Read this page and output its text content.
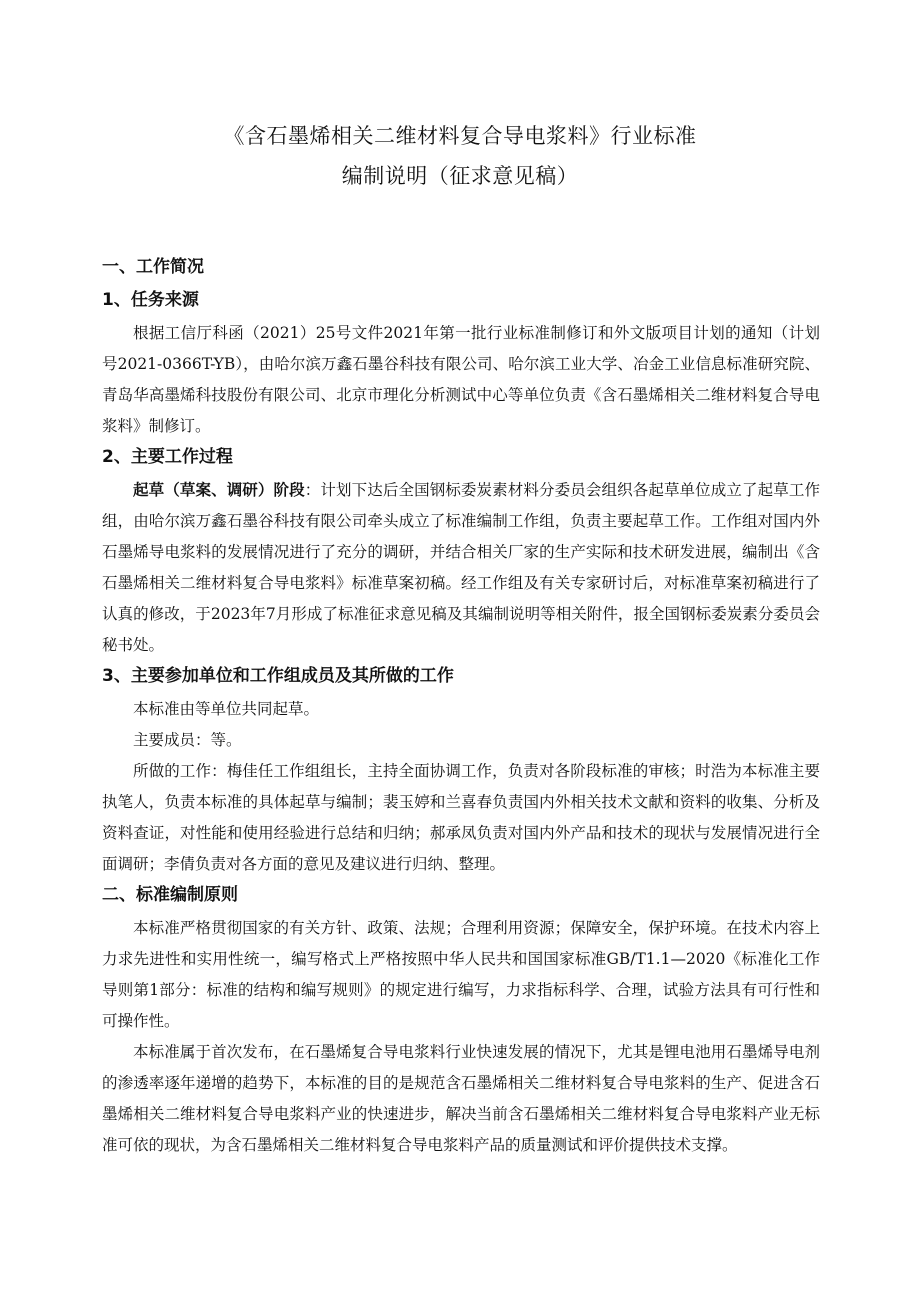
《含石墨烯相关二维材料复合导电浆料》行业标准
编制说明（征求意见稿）
一、工作简况
1、任务来源

根据工信厅科函（2021）25号文件2021年第一批行业标准制修订和外文版项目计划的通知（计划号2021-0366T-YB），由哈尔滨万鑫石墨谷科技有限公司、哈尔滨工业大学、冶金工业信息标准研究院、青岛华高墨烯科技股份有限公司、北京市理化分析测试中心等单位负责《含石墨烯相关二维材料复合导电浆料》制修订。

2、主要工作过程

起草（草案、调研）阶段：计划下达后全国钢标委炭素材料分委员会组织各起草单位成立了起草工作组，由哈尔滨万鑫石墨谷科技有限公司牵头成立了标准编制工作组，负责主要起草工作。工作组对国内外石墨烯导电浆料的发展情况进行了充分的调研，并结合相关厂家的生产实际和技术研发进展，编制出《含石墨烯相关二维材料复合导电浆料》标准草案初稿。经工作组及有关专家研讨后，对标准草案初稿进行了认真的修改，于2023年7月形成了标准征求意见稿及其编制说明等相关附件，报全国钢标委炭素分委员会秘书处。

3、主要参加单位和工作组成员及其所做的工作

本标准由等单位共同起草。

主要成员：等。

所做的工作：梅佳任工作组组长，主持全面协调工作，负责对各阶段标准的审核；时浩为本标准主要执笔人，负责本标准的具体起草与编制；裴玉婷和兰喜春负责国内外相关技术文献和资料的收集、分析及资料查证，对性能和使用经验进行总结和归纳；郝承凤负责对国内外产品和技术的现状与发展情况进行全面调研；李倩负责对各方面的意见及建议进行归纳、整理。

二、标准编制原则

本标准严格贯彻国家的有关方针、政策、法规；合理利用资源；保障安全，保护环境。在技术内容上力求先进性和实用性统一，编写格式上严格按照中华人民共和国国家标准GB/T1.1—2020《标准化工作导则第1部分：标准的结构和编写规则》的规定进行编写，力求指标科学、合理，试验方法具有可行性和可操作性。

本标准属于首次发布，在石墨烯复合导电浆料行业快速发展的情况下，尤其是锂电池用石墨烯导电剂的渗透率逐年递增的趋势下，本标准的目的是规范含石墨烯相关二维材料复合导电浆料的生产、促进含石墨烯相关二维材料复合导电浆料产业的快速进步，解决当前含石墨烯相关二维材料复合导电浆料产业无标准可依的现状，为含石墨烯相关二维材料复合导电浆料产品的质量测试和评价提供技术支撑。
